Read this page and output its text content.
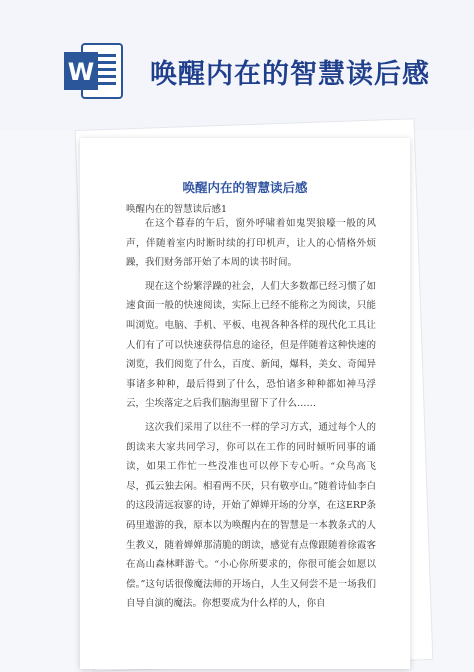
W 唤醒内在的智慧读后感
唤醒内在的智慧读后感
唤醒内在的智慧读后感1

在这个暮春的午后，窗外呼啸着如鬼哭狼嚎一般的风声，伴随着室内时断时续的打印机声，让人的心情格外烦躁，我们财务部开始了本周的读书时间。

现在这个纷繁浮躁的社会，人们大多数都已经习惯了如速食面一般的快速阅读，实际上已经不能称之为阅读，只能叫浏览。电脑、手机、平板、电视各种各样的现代化工具让人们有了可以快速获得信息的途径，但是伴随着这种快速的浏览，我们阅览了什么，百度、新闻，爆料，美女、奇闻异事诸多种种，最后得到了什么，恐怕诸多种种都如神马浮云，尘埃落定之后我们脑海里留下了什么……

这次我们采用了以往不一样的学习方式，通过每个人的朗读来大家共同学习，你可以在工作的同时倾听同事的诵读，如果工作忙一些没准也可以停下专心听。“众鸟高飞尽，孤云独去闲。相看两不厌，只有敬亭山。”随着诗仙李白的这段清远寂寥的诗，开始了婵婵开场的分享，在这ERP条码里遨游的我，原本以为唤醒内在的智慧是一本教条式的人生教义，随着婵婵那清脆的朗读，感觉有点像跟随着徐霞客在高山森林畔游弋。“小心你所要求的，你很可能会如愿以偿。”这句话很像魔法师的开场白，人生又何尝不是一场我们自导自演的魔法。你想要成为什么样的人，你自
